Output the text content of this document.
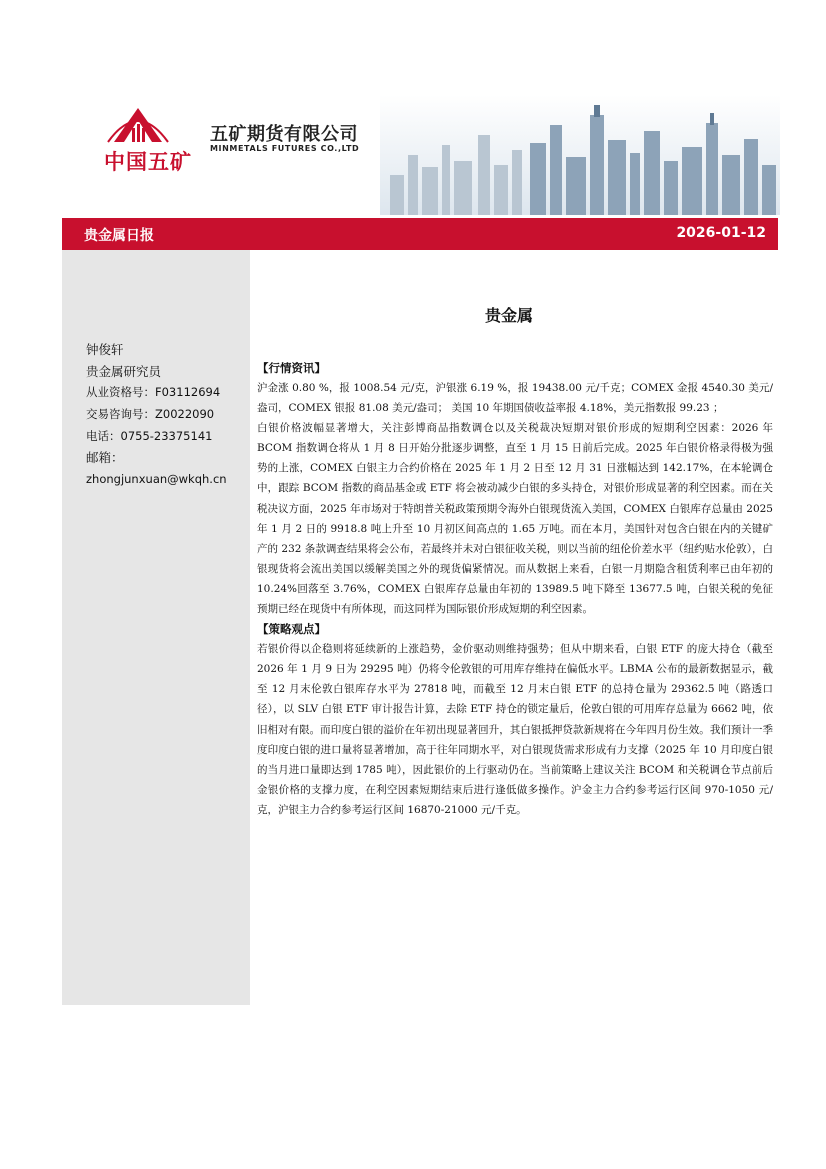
中国五矿
五矿期货有限公司
MINMETALS FUTURES CO.,LTD
贵金属日报	2026-01-12
钟俊轩
贵金属研究员
从业资格号：F03112694
交易咨询号：Z0022090
电话：0755-23375141
邮箱：
zhongjunxuan@wkqh.cn
贵金属

【行情资讯】

沪金涨 0.80 %，报 1008.54 元/克，沪银涨 6.19 %，报 19438.00 元/千克；COMEX 金报 4540.30 美元/盎司，COMEX 银报 81.08 美元/盎司； 美国 10 年期国债收益率报 4.18%，美元指数报 99.23 ；

白银价格波幅显著增大，关注彭博商品指数调仓以及关税裁决短期对银价形成的短期利空因素：2026 年 BCOM 指数调仓将从 1 月 8 日开始分批逐步调整，直至 1 月 15 日前后完成。2025 年白银价格录得极为强势的上涨，COMEX 白银主力合约价格在 2025 年 1 月 2 日至 12 月 31 日涨幅达到 142.17%，在本轮调仓中，跟踪 BCOM 指数的商品基金或 ETF 将会被动减少白银的多头持仓，对银价形成显著的利空因素。而在关税决议方面，2025 年市场对于特朗普关税政策预期令海外白银现货流入美国，COMEX 白银库存总量由 2025 年 1 月 2 日的 9918.8 吨上升至 10 月初区间高点的 1.65 万吨。而在本月，美国针对包含白银在内的关键矿产的 232 条款调查结果将会公布，若最终并未对白银征收关税，则以当前的纽伦价差水平（纽约贴水伦敦），白银现货将会流出美国以缓解美国之外的现货偏紧情况。而从数据上来看，白银一月期隐含租赁利率已由年初的 10.24%回落至 3.76%，COMEX 白银库存总量由年初的 13989.5 吨下降至 13677.5 吨，白银关税的免征预期已经在现货中有所体现，而这同样为国际银价形成短期的利空因素。

【策略观点】

若银价得以企稳则将延续新的上涨趋势，金价驱动则维持强势；但从中期来看，白银 ETF 的庞大持仓（截至 2026 年 1 月 9 日为 29295 吨）仍将令伦敦银的可用库存维持在偏低水平。LBMA 公布的最新数据显示，截至 12 月末伦敦白银库存水平为 27818 吨，而截至 12 月末白银 ETF 的总持仓量为 29362.5 吨（路透口径），以 SLV 白银 ETF 审计报告计算，去除 ETF 持仓的锁定量后，伦敦白银的可用库存总量为 6662 吨，依旧相对有限。而印度白银的溢价在年初出现显著回升，其白银抵押贷款新规将在今年四月份生效。我们预计一季度印度白银的进口量将显著增加，高于往年同期水平，对白银现货需求形成有力支撑（2025 年 10 月印度白银的当月进口量即达到 1785 吨），因此银价的上行驱动仍在。当前策略上建议关注 BCOM 和关税调仓节点前后金银价格的支撑力度，在利空因素短期结束后进行逢低做多操作。沪金主力合约参考运行区间 970-1050 元/克，沪银主力合约参考运行区间 16870-21000 元/千克。
